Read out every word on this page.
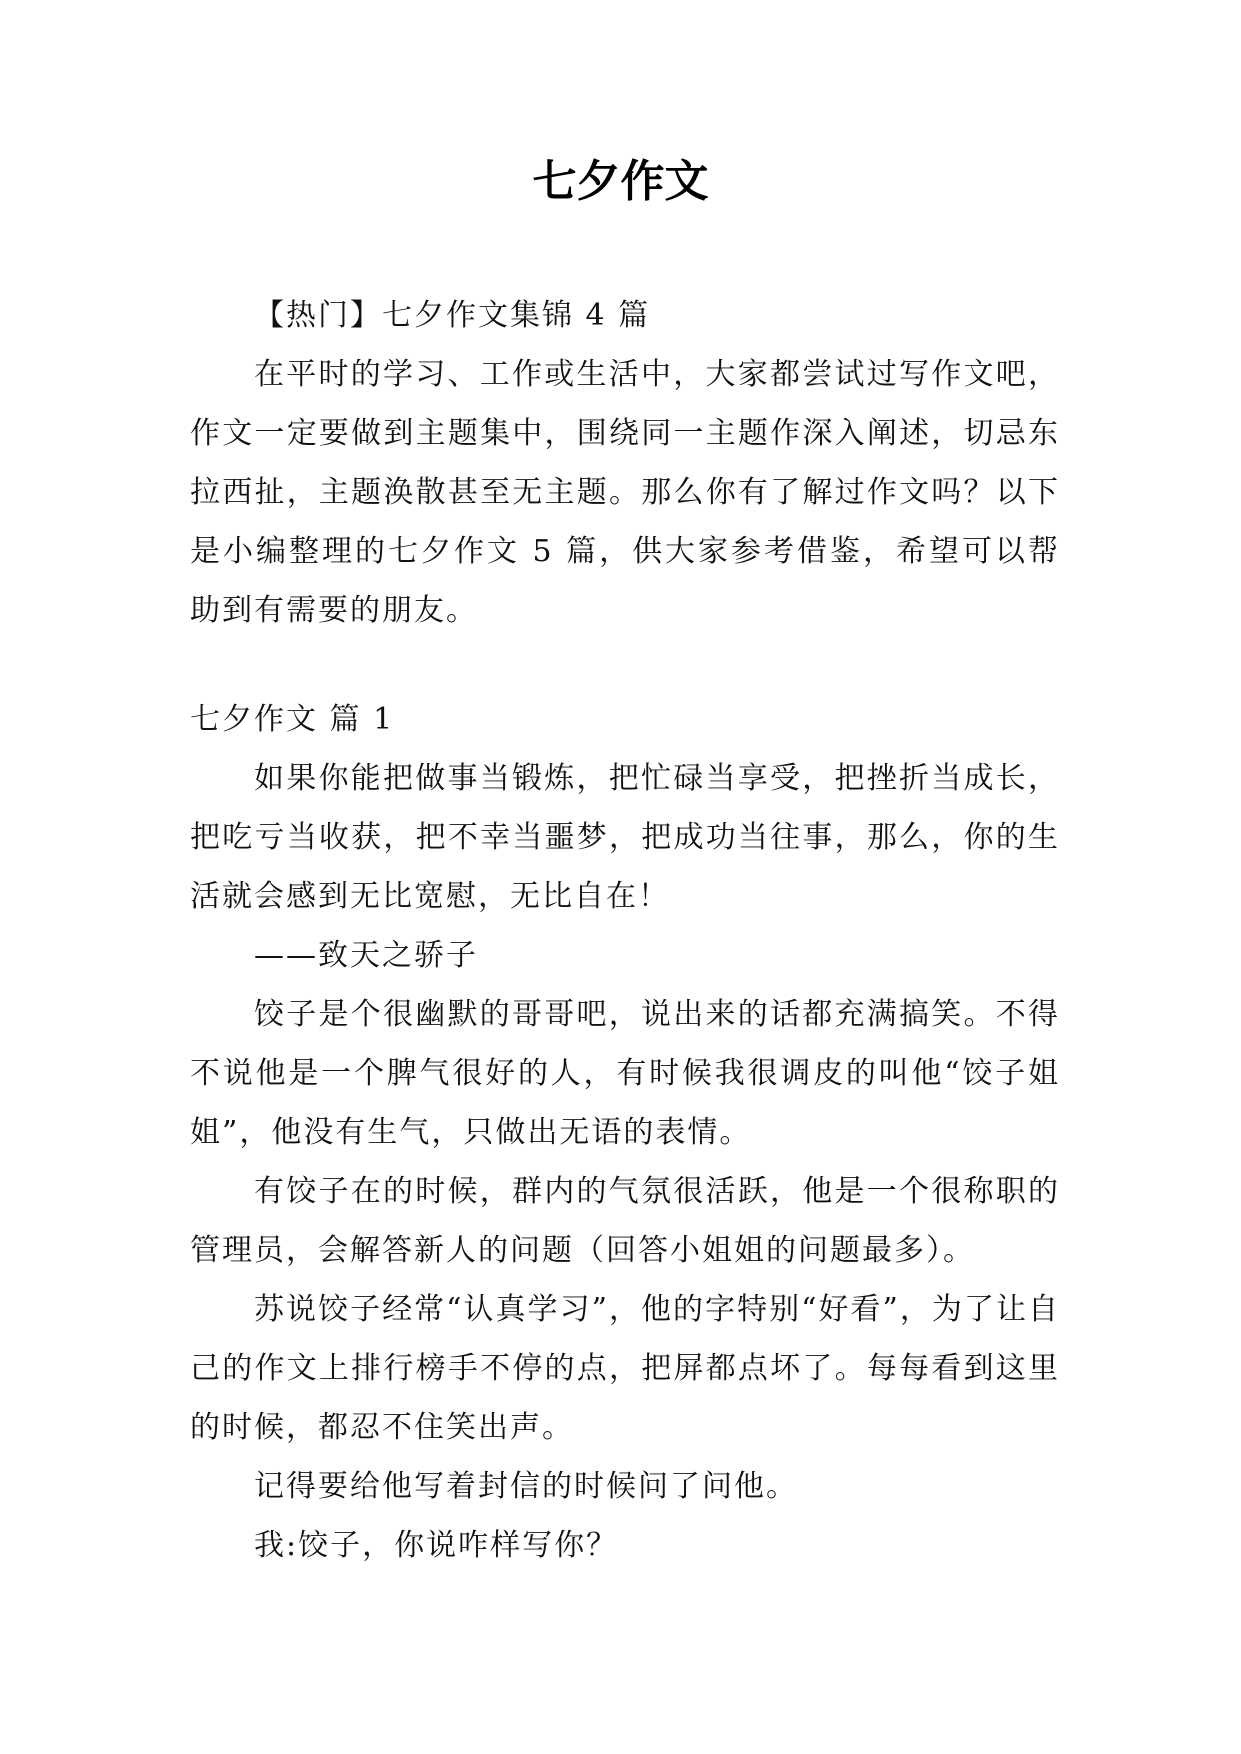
七夕作文

【热门】七夕作文集锦 4 篇

在平时的学习、工作或生活中，大家都尝试过写作文吧，作文一定要做到主题集中，围绕同一主题作深入阐述，切忌东拉西扯，主题涣散甚至无主题。那么你有了解过作文吗？以下是小编整理的七夕作文 5 篇，供大家参考借鉴，希望可以帮助到有需要的朋友。

七夕作文 篇 1

如果你能把做事当锻炼，把忙碌当享受，把挫折当成长，把吃亏当收获，把不幸当噩梦，把成功当往事，那么，你的生活就会感到无比宽慰，无比自在！

——致天之骄子

饺子是个很幽默的哥哥吧，说出来的话都充满搞笑。不得不说他是一个脾气很好的人，有时候我很调皮的叫他“饺子姐姐”，他没有生气，只做出无语的表情。

有饺子在的时候，群内的气氛很活跃，他是一个很称职的管理员，会解答新人的问题（回答小姐姐的问题最多）。

苏说饺子经常“认真学习”，他的字特别“好看”，为了让自己的作文上排行榜手不停的点，把屏都点坏了。每每看到这里的时候，都忍不住笑出声。

记得要给他写着封信的时候问了问他。

我:饺子，你说咋样写你？
